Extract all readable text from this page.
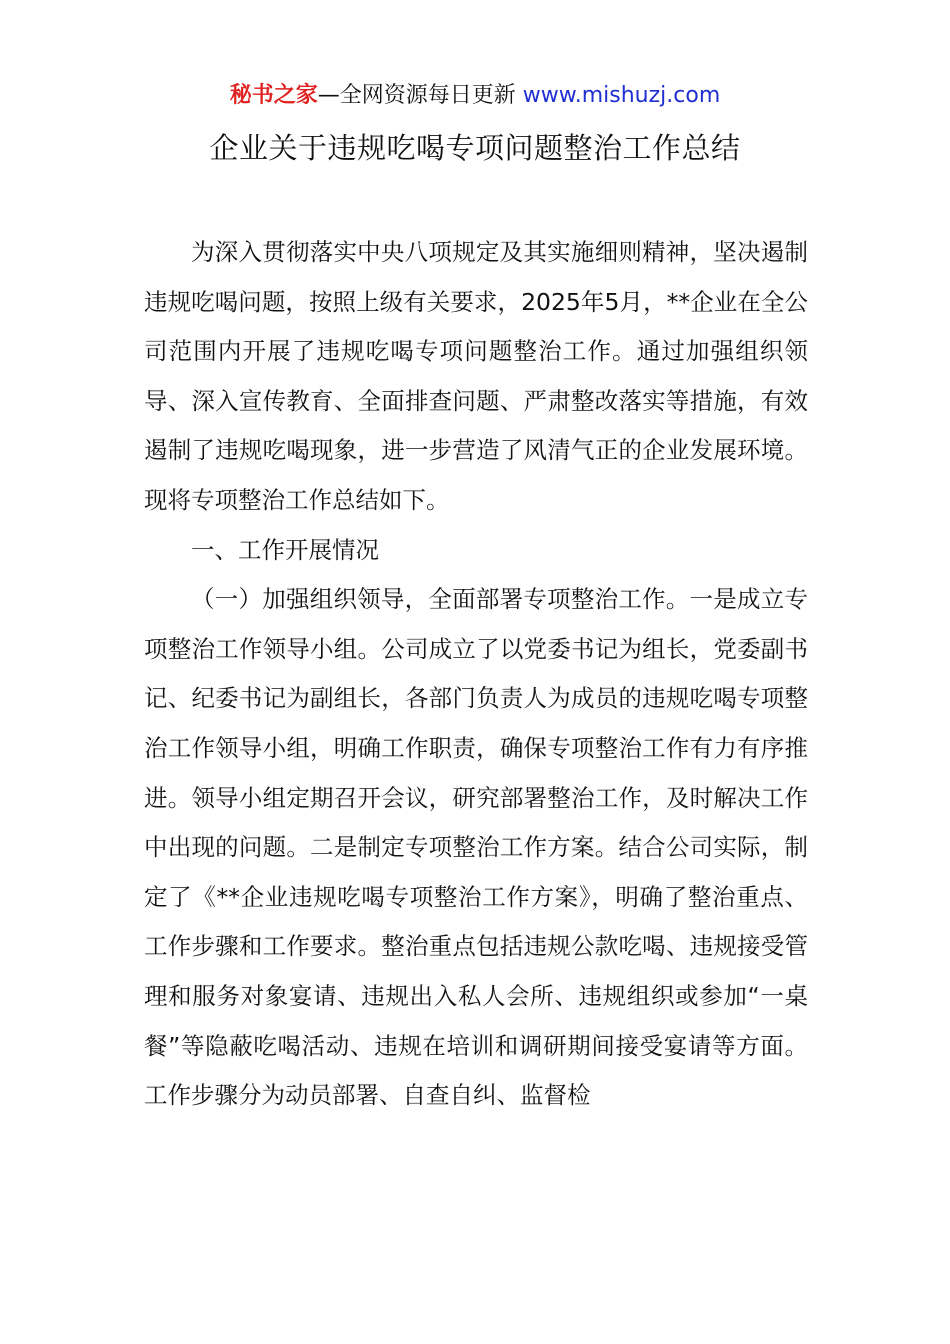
秘书之家—全网资源每日更新 www.mishuzj.com
企业关于违规吃喝专项问题整治工作总结

为深入贯彻落实中央八项规定及其实施细则精神，坚决遏制违规吃喝问题，按照上级有关要求，2025年5月，**企业在全公司范围内开展了违规吃喝专项问题整治工作。通过加强组织领导、深入宣传教育、全面排查问题、严肃整改落实等措施，有效遏制了违规吃喝现象，进一步营造了风清气正的企业发展环境。现将专项整治工作总结如下。

一、工作开展情况

（一）加强组织领导，全面部署专项整治工作。一是成立专项整治工作领导小组。公司成立了以党委书记为组长，党委副书记、纪委书记为副组长，各部门负责人为成员的违规吃喝专项整治工作领导小组，明确工作职责，确保专项整治工作有力有序推进。领导小组定期召开会议，研究部署整治工作，及时解决工作中出现的问题。二是制定专项整治工作方案。结合公司实际，制定了《**企业违规吃喝专项整治工作方案》，明确了整治重点、工作步骤和工作要求。整治重点包括违规公款吃喝、违规接受管理和服务对象宴请、违规出入私人会所、违规组织或参加“一桌餐”等隐蔽吃喝活动、违规在培训和调研期间接受宴请等方面。工作步骤分为动员部署、自查自纠、监督检
